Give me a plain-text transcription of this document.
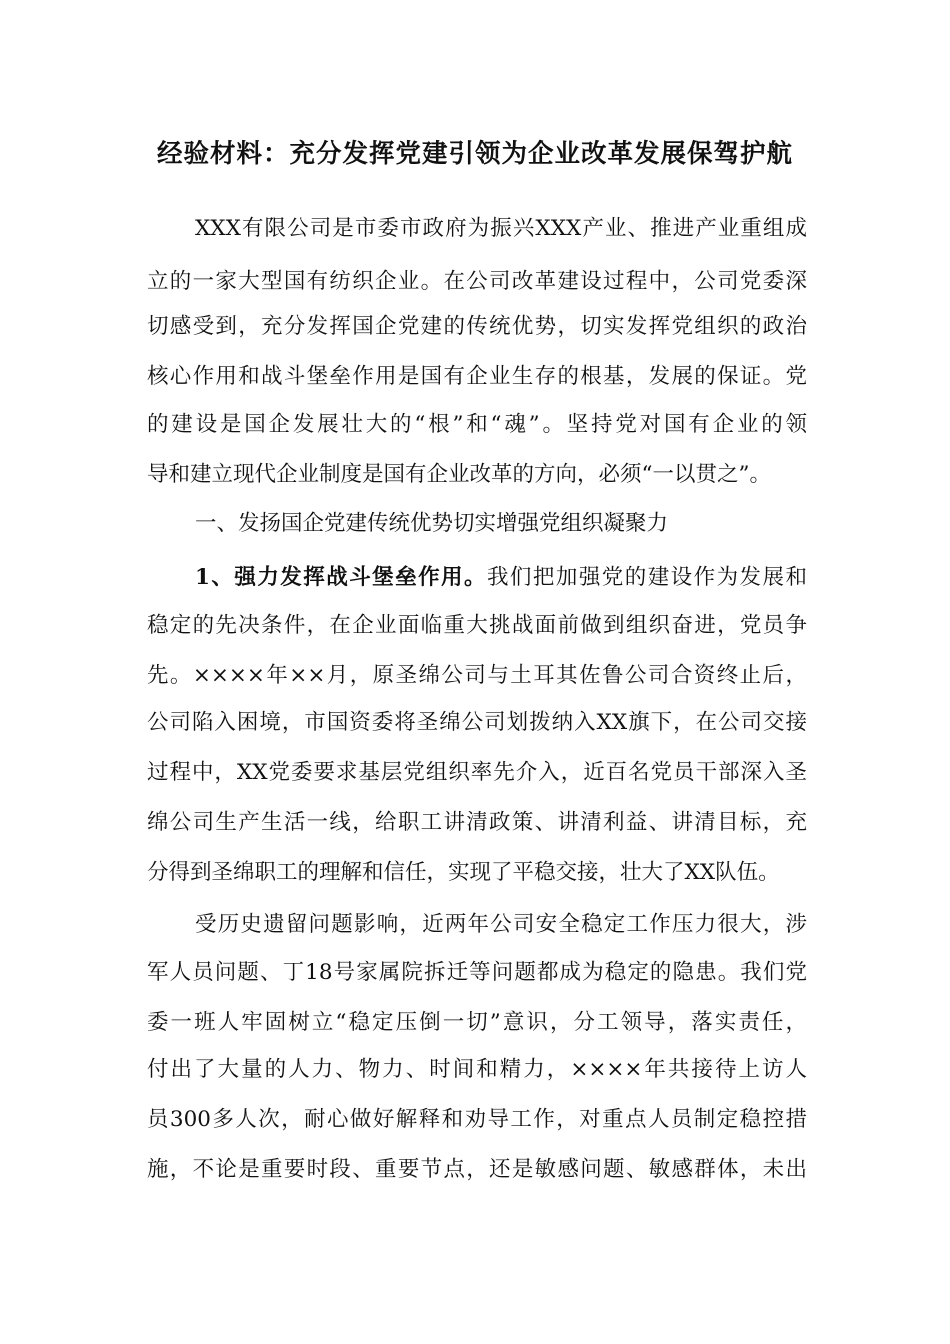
经验材料：充分发挥党建引领为企业改革发展保驾护航
XXX有限公司是市委市政府为振兴XXX产业、推进产业重组成
立的一家大型国有纺织企业。在公司改革建设过程中，公司党委深
切感受到，充分发挥国企党建的传统优势，切实发挥党组织的政治
核心作用和战斗堡垒作用是国有企业生存的根基，发展的保证。党
的建设是国企发展壮大的“根”和“魂”。坚持党对国有企业的领
导和建立现代企业制度是国有企业改革的方向，必须“一以贯之”。
一、发扬国企党建传统优势切实增强党组织凝聚力
1、强力发挥战斗堡垒作用。我们把加强党的建设作为发展和
稳定的先决条件，在企业面临重大挑战面前做到组织奋进，党员争
先。××××年××月，原圣绵公司与土耳其佐鲁公司合资终止后，
公司陷入困境，市国资委将圣绵公司划拨纳入XX旗下，在公司交接
过程中，XX党委要求基层党组织率先介入，近百名党员干部深入圣
绵公司生产生活一线，给职工讲清政策、讲清利益、讲清目标，充
分得到圣绵职工的理解和信任，实现了平稳交接，壮大了XX队伍。
受历史遗留问题影响，近两年公司安全稳定工作压力很大，涉
军人员问题、丁18号家属院拆迁等问题都成为稳定的隐患。我们党
委一班人牢固树立“稳定压倒一切”意识，分工领导，落实责任，
付出了大量的人力、物力、时间和精力，××××年共接待上访人
员300多人次，耐心做好解释和劝导工作，对重点人员制定稳控措
施，不论是重要时段、重要节点，还是敏感问题、敏感群体，未出
